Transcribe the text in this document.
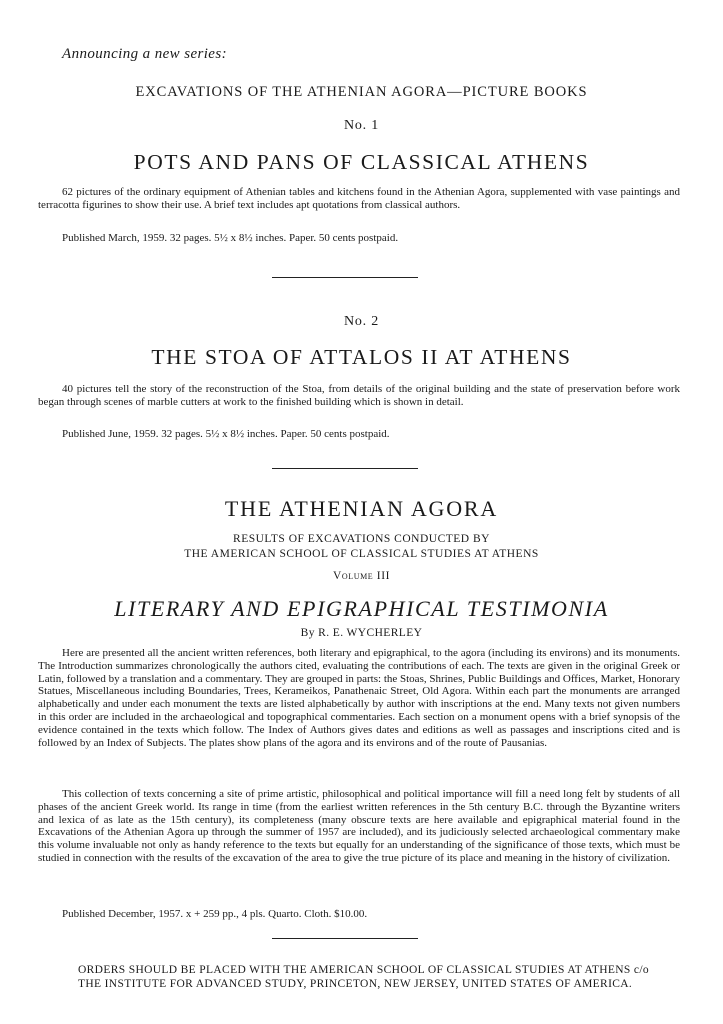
Announcing a new series:
EXCAVATIONS OF THE ATHENIAN AGORA—PICTURE BOOKS
No. 1
POTS AND PANS OF CLASSICAL ATHENS
62 pictures of the ordinary equipment of Athenian tables and kitchens found in the Athenian Agora, supplemented with vase paintings and terracotta figurines to show their use. A brief text includes apt quotations from classical authors.
Published March, 1959. 32 pages. 5½ x 8½ inches. Paper. 50 cents postpaid.
No. 2
THE STOA OF ATTALOS II AT ATHENS
40 pictures tell the story of the reconstruction of the Stoa, from details of the original building and the state of preservation before work began through scenes of marble cutters at work to the finished building which is shown in detail.
Published June, 1959. 32 pages. 5½ x 8½ inches. Paper. 50 cents postpaid.
THE ATHENIAN AGORA
RESULTS OF EXCAVATIONS CONDUCTED BY
THE AMERICAN SCHOOL OF CLASSICAL STUDIES AT ATHENS
Volume III
LITERARY AND EPIGRAPHICAL TESTIMONIA
By R. E. WYCHERLEY
Here are presented all the ancient written references, both literary and epigraphical, to the agora (including its environs) and its monuments. The Introduction summarizes chronologically the authors cited, evaluating the contributions of each. The texts are given in the original Greek or Latin, followed by a translation and a commentary. They are grouped in parts: the Stoas, Shrines, Public Buildings and Offices, Market, Honorary Statues, Miscellaneous including Boundaries, Trees, Kerameikos, Panathenaic Street, Old Agora. Within each part the monuments are arranged alphabetically and under each monument the texts are listed alphabetically by author with inscriptions at the end. Many texts not given numbers in this order are included in the archaeological and topographical commentaries. Each section on a monument opens with a brief synopsis of the evidence contained in the texts which follow. The Index of Authors gives dates and editions as well as passages and inscriptions cited and is followed by an Index of Subjects. The plates show plans of the agora and its environs and of the route of Pausanias.
This collection of texts concerning a site of prime artistic, philosophical and political importance will fill a need long felt by students of all phases of the ancient Greek world. Its range in time (from the earliest written references in the 5th century B.C. through the Byzantine writers and lexica of as late as the 15th century), its completeness (many obscure texts are here available and epigraphical material found in the Excavations of the Athenian Agora up through the summer of 1957 are included), and its judiciously selected archaeological commentary make this volume invaluable not only as handy reference to the texts but equally for an understanding of the significance of those texts, which must be studied in connection with the results of the excavation of the area to give the true picture of its place and meaning in the history of civilization.
Published December, 1957. x + 259 pp., 4 pls. Quarto. Cloth. $10.00.
ORDERS SHOULD BE PLACED WITH THE AMERICAN SCHOOL OF CLASSICAL STUDIES AT ATHENS c/o THE INSTITUTE FOR ADVANCED STUDY, PRINCETON, NEW JERSEY, UNITED STATES OF AMERICA.
